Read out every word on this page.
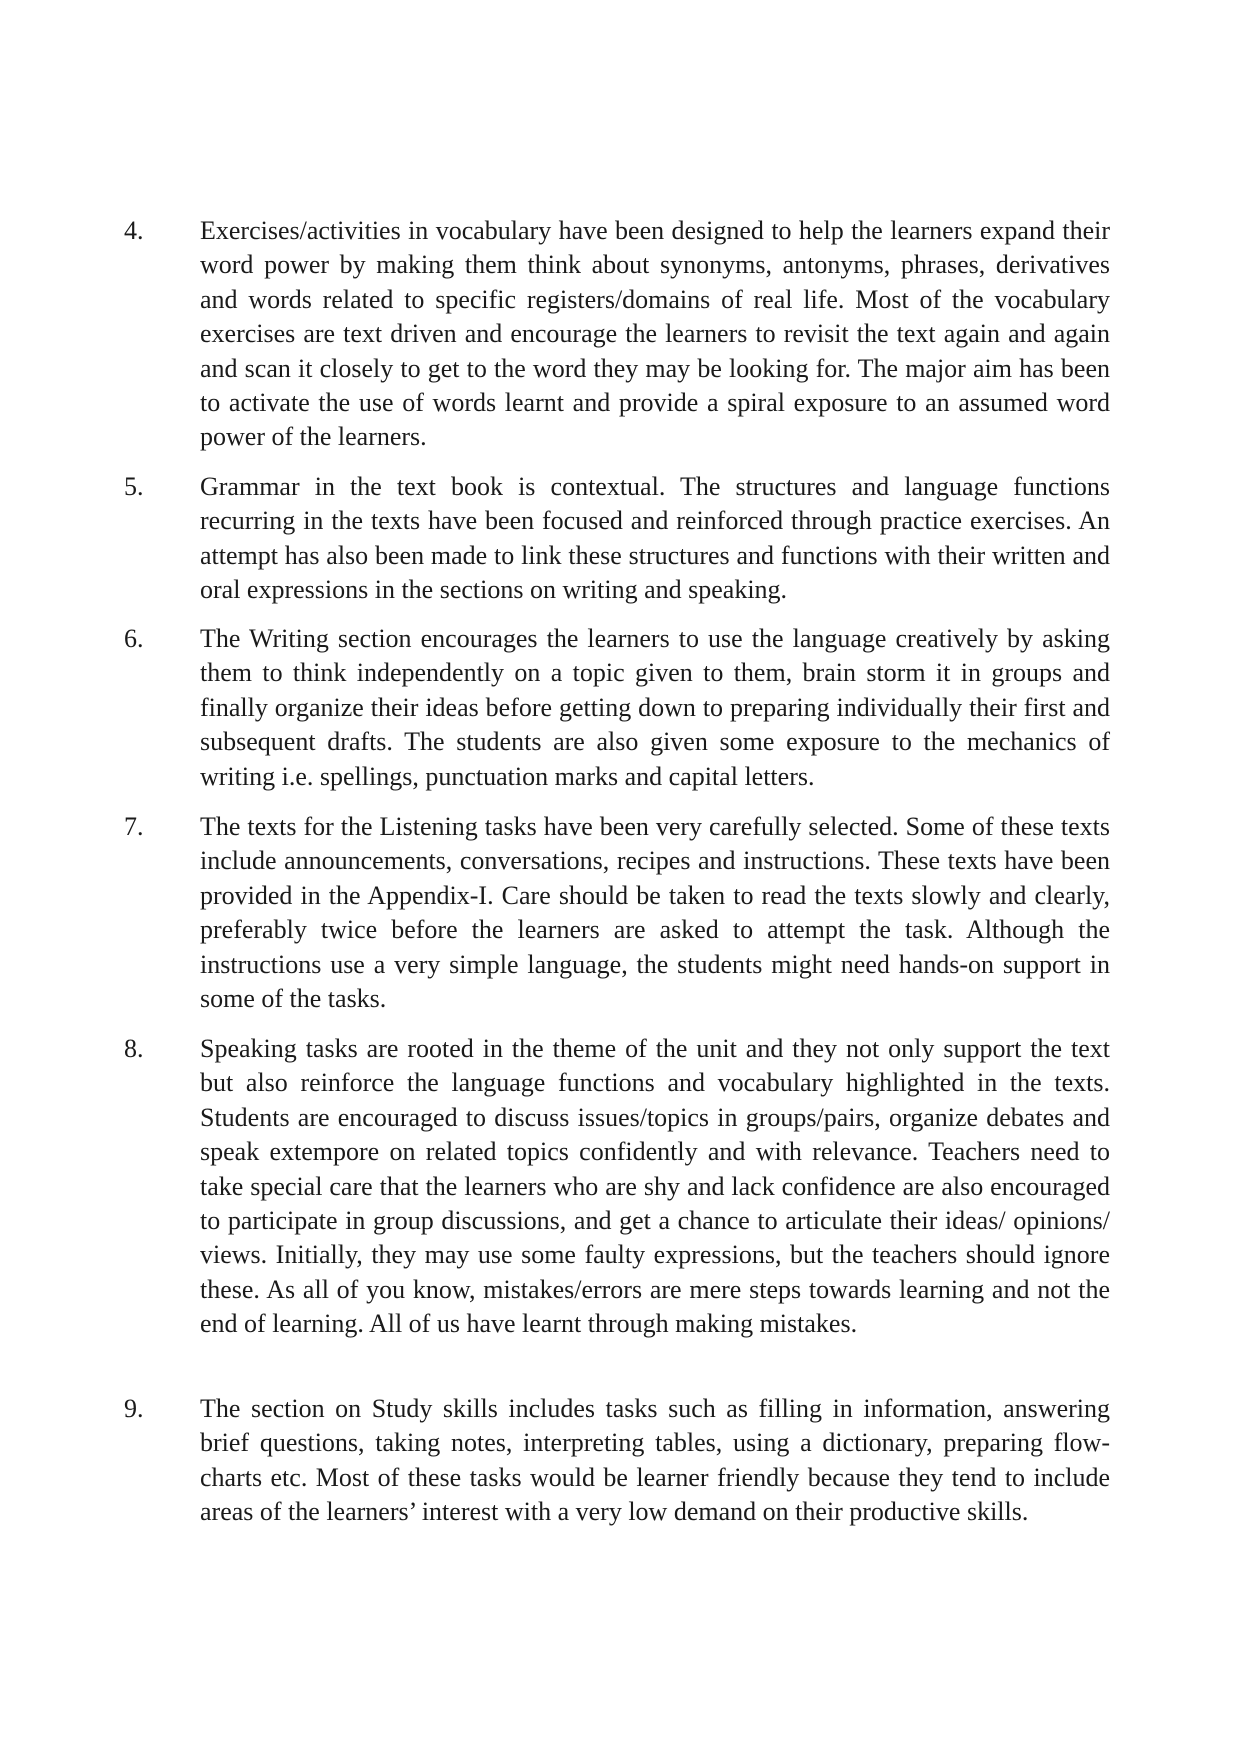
4.	Exercises/activities in vocabulary have been designed to help the learners expand their word power by making them think about synonyms, antonyms, phrases, derivatives and words related to specific registers/domains of real life. Most of the vocabulary exercises are text driven and encourage the learners to revisit the text again and again and scan it closely to get to the word they may be looking for. The major aim has been to activate the use of words learnt and provide a spiral exposure to an assumed word power of the learners.

5.	Grammar in the text book is contextual. The structures and language functions recurring in the texts have been focused and reinforced through practice exercises. An attempt has also been made to link these structures and functions with their written and oral expressions in the sections on writing and speaking.

6.	The Writing section encourages the learners to use the language creatively by asking them to think independently on a topic given to them, brain storm it in groups and finally organize their ideas before getting down to preparing individually their first and subsequent drafts. The students are also given some exposure to the mechanics of writing i.e. spellings, punctuation marks and capital letters.

7.	The texts for the Listening tasks have been very carefully selected. Some of these texts include announcements, conversations, recipes and instructions. These texts have been provided in the Appendix-I. Care should be taken to read the texts slowly and clearly, preferably twice before the learners are asked to attempt the task. Although the instructions use a very simple language, the students might need hands-on support in some of the tasks.

8.	Speaking tasks are rooted in the theme of the unit and they not only support the text but also reinforce the language functions and vocabulary highlighted in the texts. Students are encouraged to discuss issues/topics in groups/pairs, organize debates and speak extempore on related topics confidently and with relevance. Teachers need to take special care that the learners who are shy and lack confidence are also encouraged to participate in group discussions, and get a chance to articulate their ideas/ opinions/ views. Initially, they may use some faulty expressions, but the teachers should ignore these. As all of you know, mistakes/errors are mere steps towards learning and not the end of learning. All of us have learnt through making mistakes.

9.	The section on Study skills includes tasks such as filling in information, answering brief questions, taking notes, interpreting tables, using a dictionary, preparing flow-charts etc. Most of these tasks would be learner friendly because they tend to include areas of the learners’ interest with a very low demand on their productive skills.
